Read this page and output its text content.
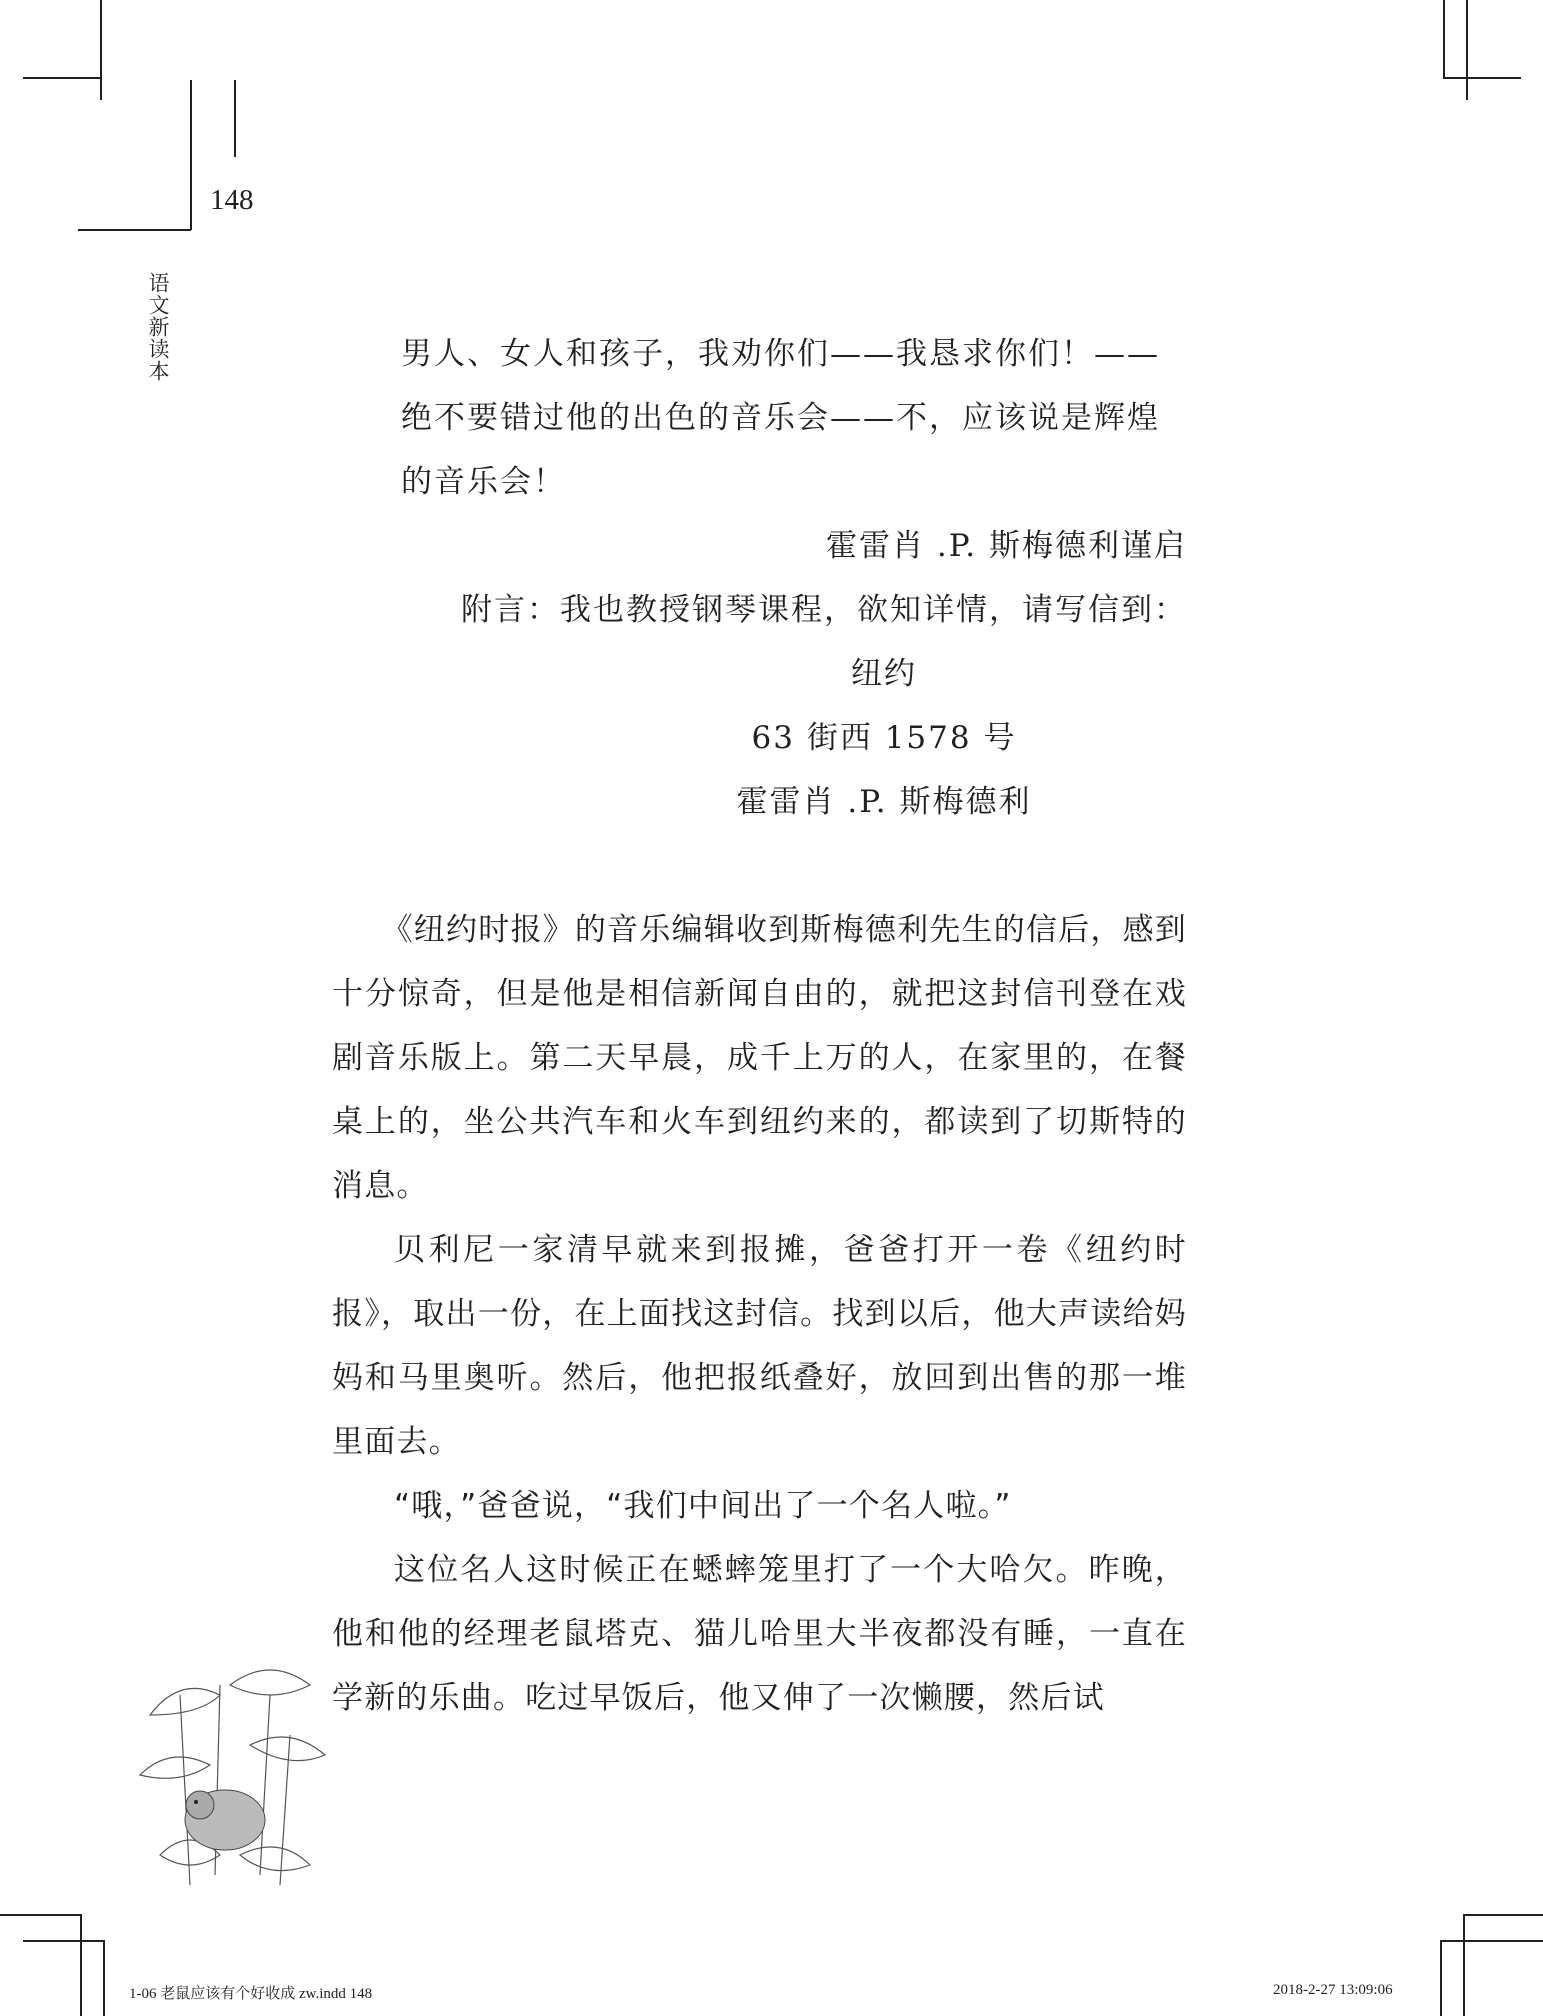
148
语文新读本	男人、女人和孩子，我劝你们——我恳求你们！——绝不要错过他的出色的音乐会——不，应该说是辉煌的音乐会！

霍雷肖 .P. 斯梅德利谨启

附言：我也教授钢琴课程，欲知详情，请写信到：

纽约

63 街西 1578 号

霍雷肖 .P. 斯梅德利

《纽约时报》的音乐编辑收到斯梅德利先生的信后，感到十分惊奇，但是他是相信新闻自由的，就把这封信刊登在戏剧音乐版上。第二天早晨，成千上万的人，在家里的，在餐桌上的，坐公共汽车和火车到纽约来的，都读到了切斯特的消息。

贝利尼一家清早就来到报摊，爸爸打开一卷《纽约时报》，取出一份，在上面找这封信。找到以后，他大声读给妈妈和马里奥听。然后，他把报纸叠好，放回到出售的那一堆里面去。

“哦，”爸爸说，“我们中间出了一个名人啦。”

这位名人这时候正在蟋蟀笼里打了一个大哈欠。昨晚，他和他的经理老鼠塔克、猫儿哈里大半夜都没有睡，一直在学新的乐曲。吃过早饭后，他又伸了一次懒腰，然后试

1-06 老鼠应该有个好收成 zw.indd 148	2018-2-27 13:09:06
